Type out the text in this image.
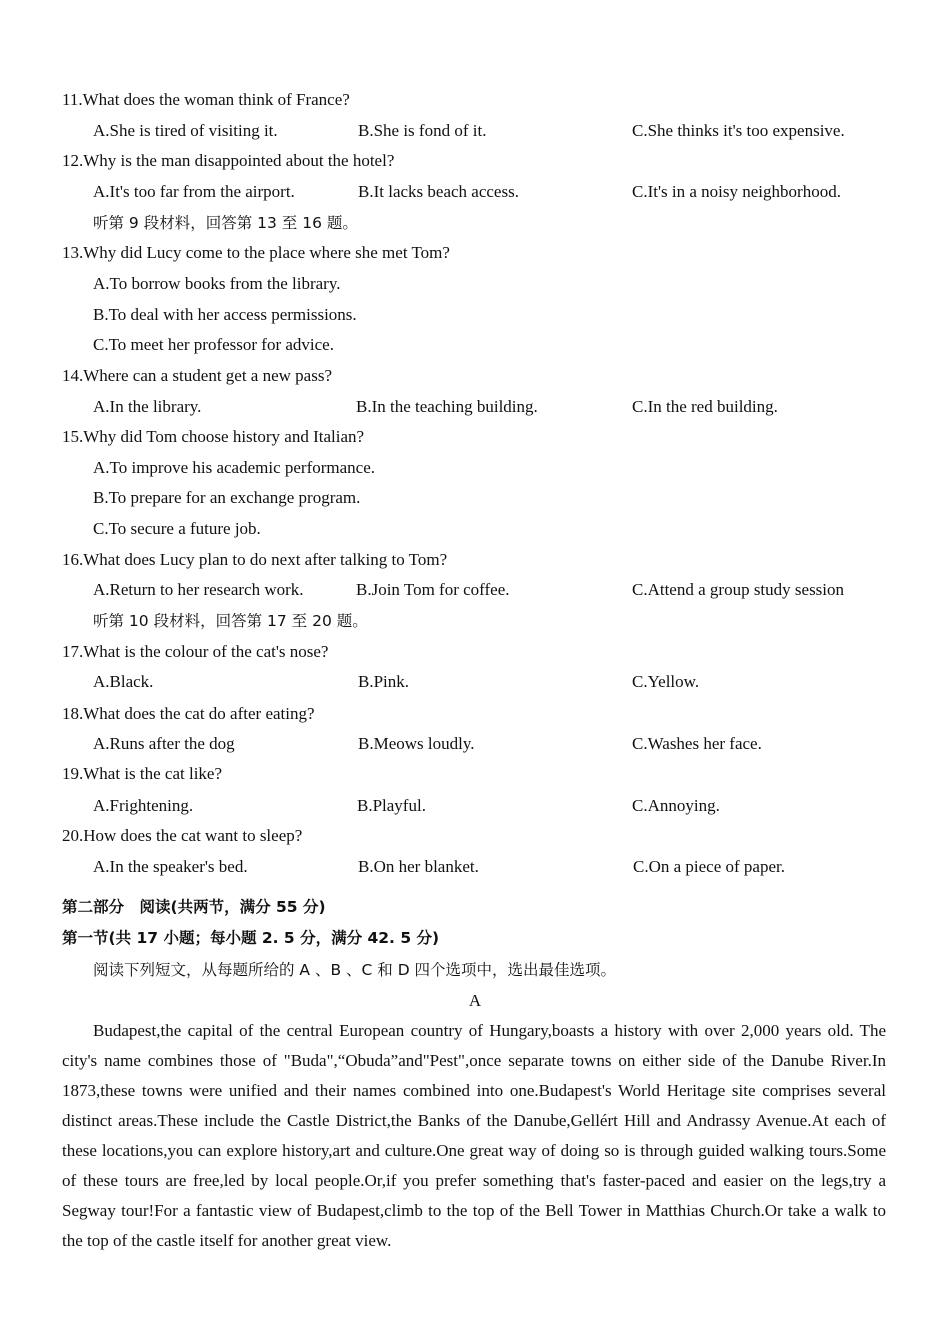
11.What does the woman think of France?
A.She is tired of visiting it.	B.She is fond of it.	C.She thinks it's too expensive.
12.Why is the man disappointed about the hotel?
A.It's too far from the airport.	B.It lacks beach access.	C.It's in a noisy neighborhood.
听第 9 段材料，回答第 13 至 16 题。
13.Why did Lucy come to the place where she met Tom?
A.To borrow books from the library.
B.To deal with her access permissions.
C.To meet her professor for advice.
14.Where can a student get a new pass?
A.In the library.	B.In the teaching building.	C.In the red building.
15.Why did Tom choose history and Italian?
A.To improve his academic performance.
B.To prepare for an exchange program.
C.To secure a future job.
16.What does Lucy plan to do next after talking to Tom?
A.Return to her research work.	B.Join Tom for coffee.	C.Attend a group study session
听第 10 段材料，回答第 17 至 20 题。
17.What is the colour of the cat's nose?
A.Black.	B.Pink.	C.Yellow.
18.What does the cat do after eating?
A.Runs after the dog	B.Meows loudly.	C.Washes her face.
19.What is the cat like?
A.Frightening.	B.Playful.	C.Annoying.
20.How does the cat want to sleep?
A.In the speaker's bed.	B.On her blanket.	C.On a piece of paper.
第二部分　阅读(共两节，满分 55 分)
第一节(共 17 小题；每小题 2. 5 分，满分 42. 5 分)
阅读下列短文，从每题所给的 A 、B 、C 和 D 四个选项中，选出最佳选项。
A
Budapest,the capital of the central European country of Hungary,boasts a history with over 2,000 years old. The city's name combines those of "Buda",“Obuda”and"Pest",once separate towns on either side of the Danube River.In 1873,these towns were unified and their names combined into one.Budapest's World Heritage site comprises several distinct areas.These include the Castle District,the Banks of the Danube,Gellért Hill and Andrassy Avenue.At each of these locations,you can explore history,art and culture.One great way of doing so is through guided walking tours.Some of these tours are free,led by local people.Or,if you prefer something that's faster-paced and easier on the legs,try a Segway tour!For a fantastic view of Budapest,climb to the top of the Bell Tower in Matthias Church.Or take a walk to the top of the castle itself for another great view.
